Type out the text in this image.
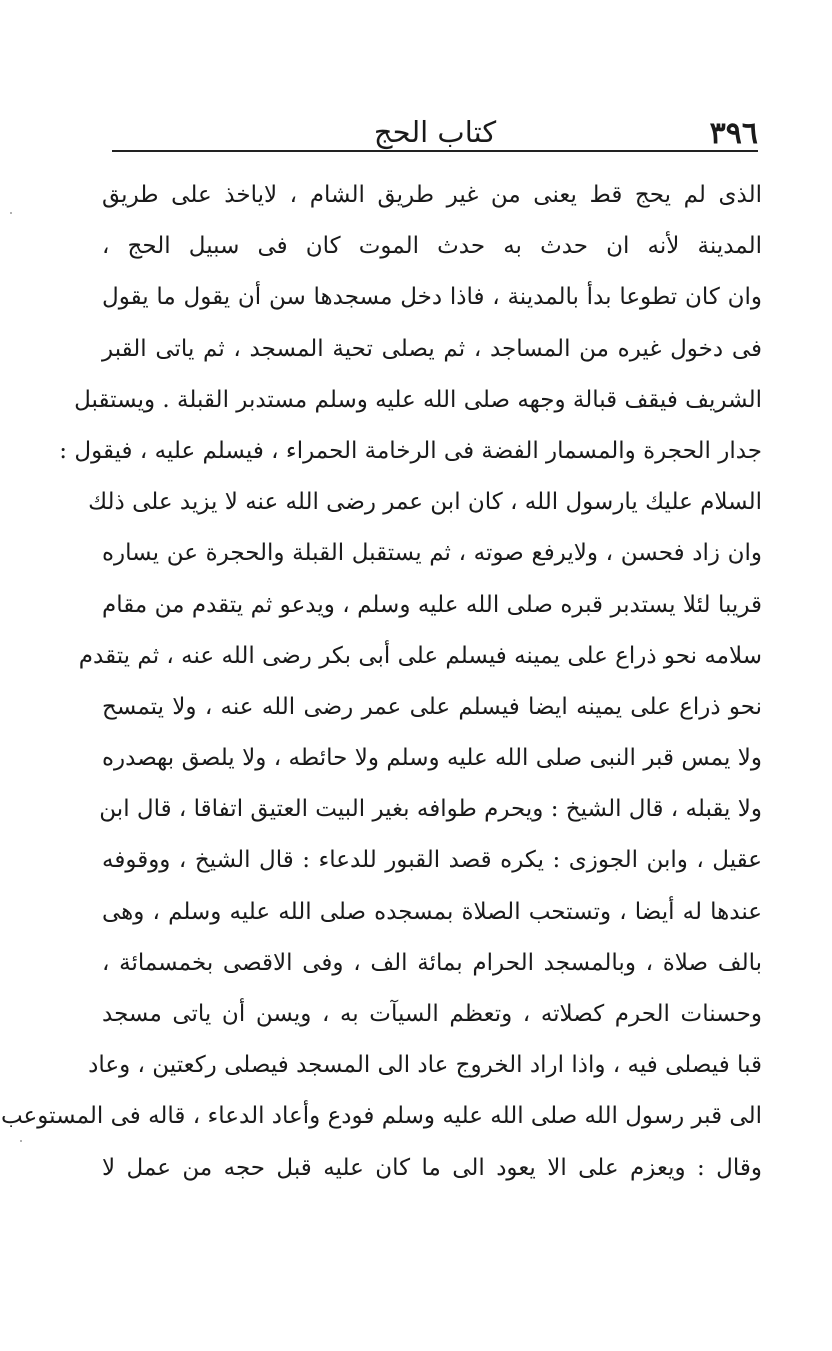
٣٩٦
كتاب الحج
الذى لم يحج قط يعنى من غير طريق الشام ، لاياخذ على طريق
المدينة لأنه ان حدث به حدث الموت كان فى سبيل الحج ،
وان كان تطوعا بدأ بالمدينة ، فاذا دخل مسجدها سن أن يقول ما يقول
فى دخول غيره من المساجد ، ثم يصلى تحية المسجد ، ثم ياتى القبر
الشريف فيقف قبالة وجهه صلى الله عليه وسلم مستدبر القبلة . ويستقبل
جدار الحجرة والمسمار الفضة فى الرخامة الحمراء ، فيسلم عليه ، فيقول :
السلام عليك يارسول الله ، كان ابن عمر رضى الله عنه لا يزيد على ذلك
وان زاد فحسن ، ولايرفع صوته ، ثم يستقبل القبلة والحجرة عن يساره
قريبا لئلا يستدبر قبره صلى الله عليه وسلم ، ويدعو ثم يتقدم من مقام
سلامه نحو ذراع على يمينه فيسلم على أبى بكر رضى الله عنه ، ثم يتقدم
نحو ذراع على يمينه ايضا فيسلم على عمر رضى الله عنه ، ولا يتمسح
ولا يمس قبر النبى صلى الله عليه وسلم ولا حائطه ، ولا يلصق بهصدره
ولا يقبله ، قال الشيخ : ويحرم طوافه بغير البيت العتيق اتفاقا ، قال ابن
عقيل ، وابن الجوزى : يكره قصد القبور للدعاء : قال الشيخ ، ووقوفه
عندها له أيضا ، وتستحب الصلاة بمسجده صلى الله عليه وسلم ، وهى
بالف صلاة ، وبالمسجد الحرام بمائة الف ، وفى الاقصى بخمسمائة ،
وحسنات الحرم كصلاته ، وتعظم السيآت به ، ويسن أن ياتى مسجد
قبا فيصلى فيه ، واذا اراد الخروج عاد الى المسجد فيصلى ركعتين ، وعاد
الى قبر رسول الله صلى الله عليه وسلم فودع وأعاد الدعاء ، قاله فى المستوعب
وقال : ويعزم على الا يعود الى ما كان عليه قبل حجه من عمل لا
